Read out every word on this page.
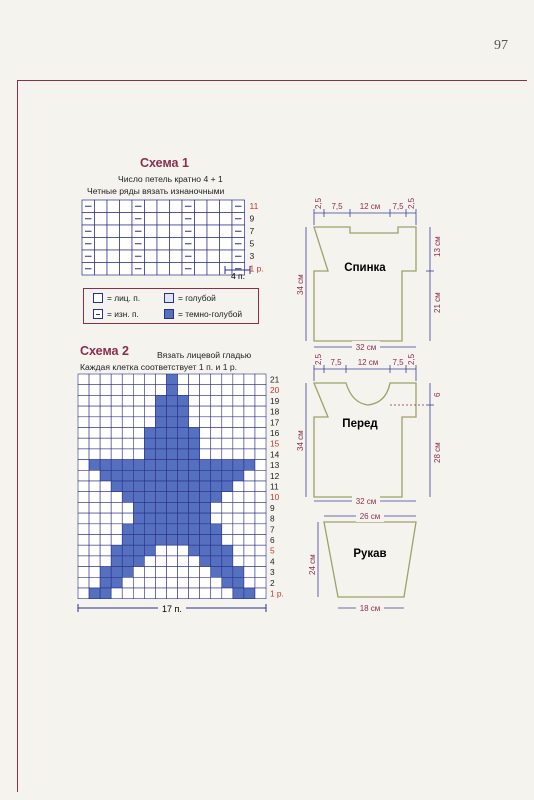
97
Схема 1
Число петель кратно 4 + 1
Четные ряды вязать изнаночными
11
9
7
5
3
1 р.
4 п.
= лиц. п.
= изн. п.
= голубой
= темно-голубой
Схема 2	Вязать лицевой гладью
Каждая клетка соответствует 1 п. и 1 р.
21
20
19
18
17
16
15
14
13
12
11
10
9
8
7
6
5
4
3
2
1 р.
17 п.
Спинка
2,5 7,5 12 см 7,5 2,5
34 см
13 см
21 см
32 см
Перед
2,5 7,5 12 см 7,5 2,5
34 см
6
28 см
32 см
Рукав
26 см
24 см
18 см
